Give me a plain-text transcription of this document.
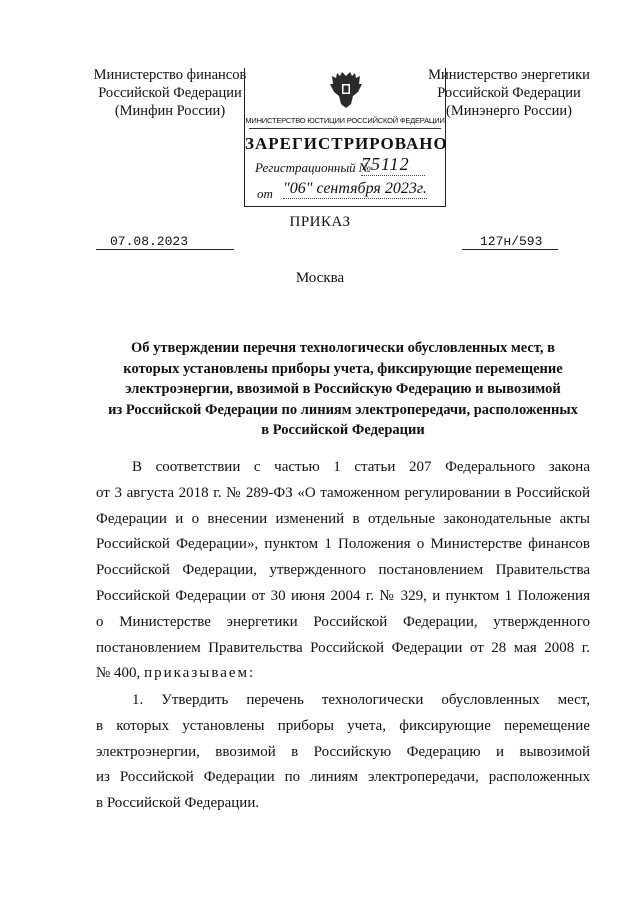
Министерство финансов
Российской Федерации
(Минфин России)
Министерство энергетики
Российской Федерации
(Минэнерго России)
МИНИСТЕРСТВО ЮСТИЦИИ РОССИЙСКОЙ ФЕДЕРАЦИИ
ЗАРЕГИСТРИРОВАНО
Регистрационный №
75112
от "06" сентября 2023г.
ПРИКАЗ
07.08.2023	127н/593
Москва
Об утверждении перечня технологически обусловленных мест, в
которых установлены приборы учета, фиксирующие перемещение
электроэнергии, ввозимой в Российскую Федерацию и вывозимой
из Российской Федерации по линиям электропередачи, расположенных
в Российской Федерации
В соответствии с частью 1 статьи 207 Федерального закона
от 3 августа 2018 г. № 289-ФЗ «О таможенном регулировании в Российской
Федерации и о внесении изменений в отдельные законодательные акты
Российской Федерации», пунктом 1 Положения о Министерстве финансов
Российской Федерации, утвержденного постановлением Правительства
Российской Федерации от 30 июня 2004 г. № 329, и пунктом 1 Положения
о Министерстве энергетики Российской Федерации, утвержденного
постановлением Правительства Российской Федерации от 28 мая 2008 г.
№ 400, приказываем:
1. Утвердить перечень технологически обусловленных мест,
в которых установлены приборы учета, фиксирующие перемещение
электроэнергии, ввозимой в Российскую Федерацию и вывозимой
из Российской Федерации по линиям электропередачи, расположенных
в Российской Федерации.
